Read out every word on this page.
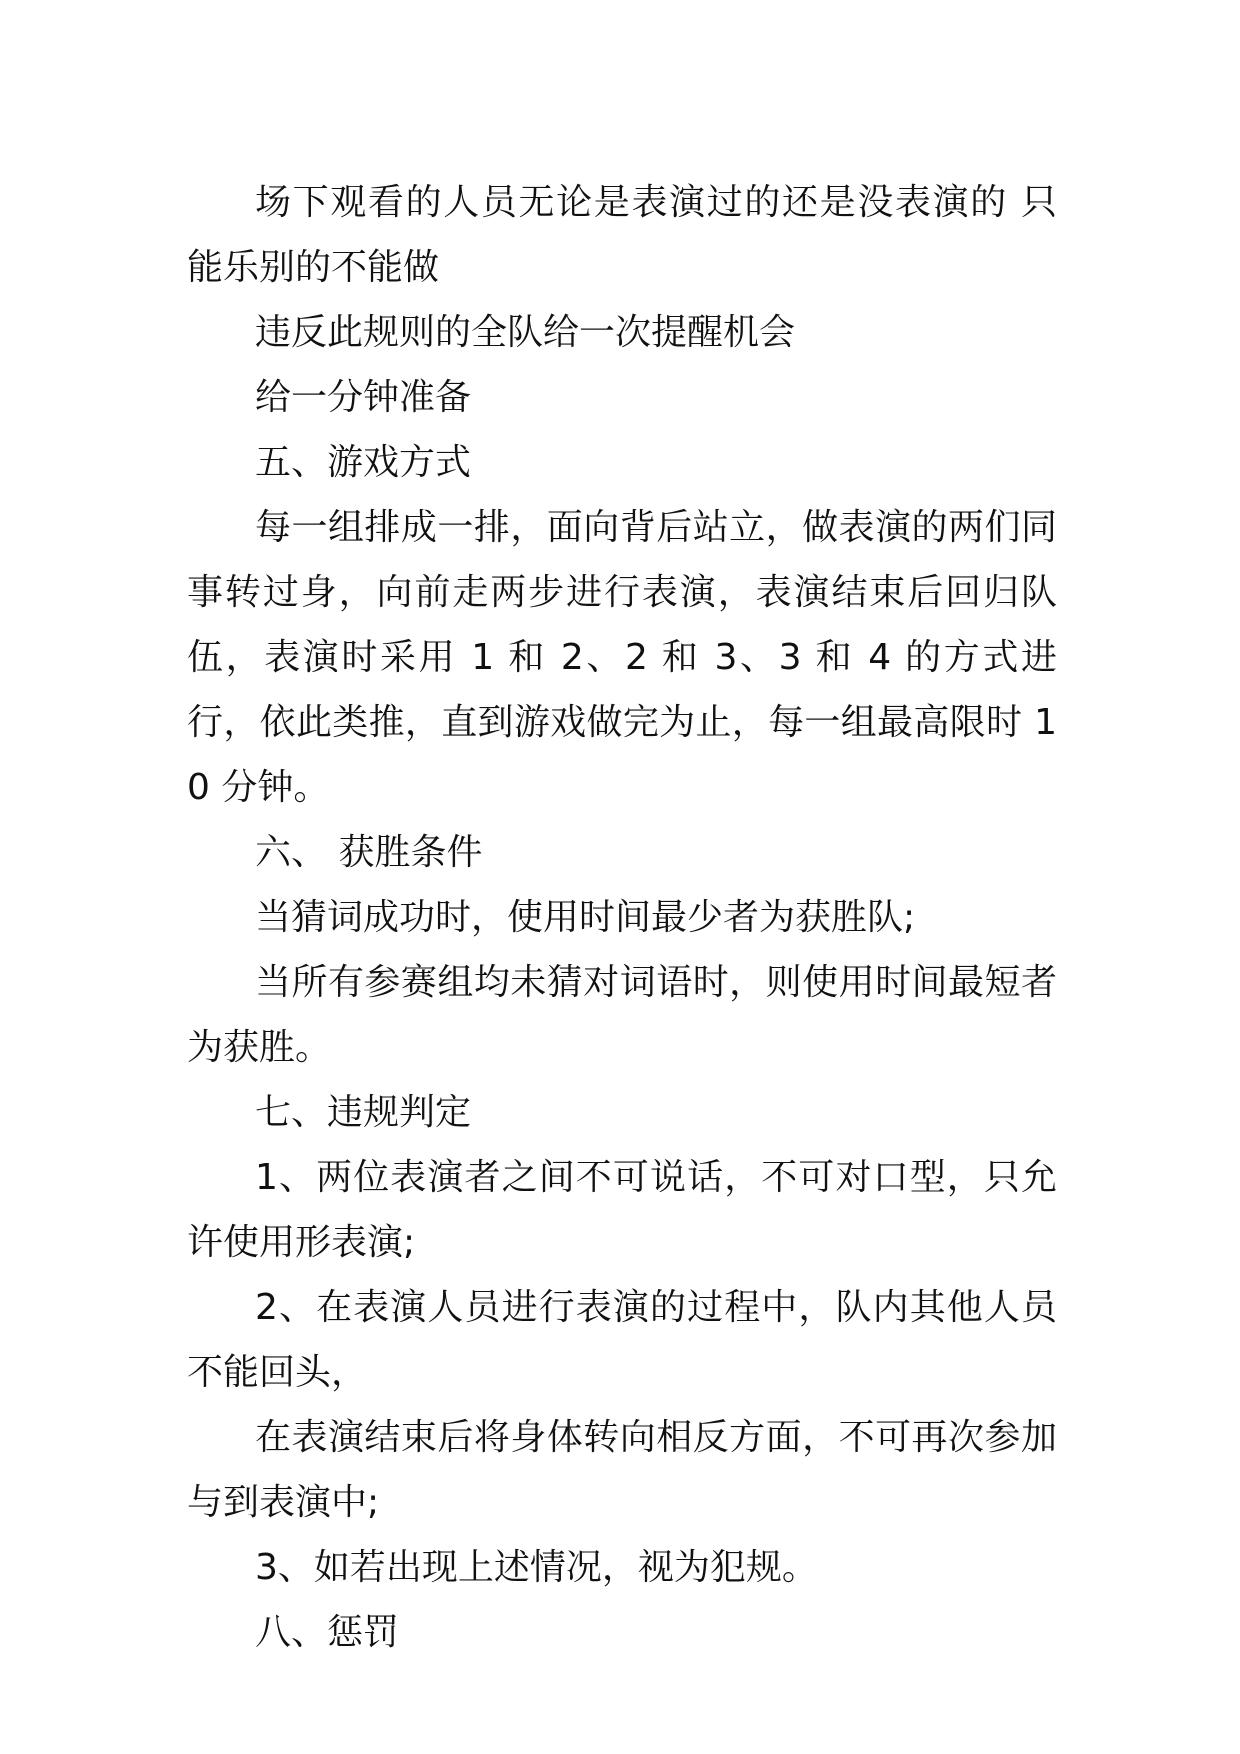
场下观看的人员无论是表演过的还是没表演的 只能乐别的不能做

违反此规则的全队给一次提醒机会

给一分钟准备

五、游戏方式

每一组排成一排，面向背后站立，做表演的两们同事转过身，向前走两步进行表演，表演结束后回归队伍，表演时采用 1 和 2、2 和 3、3 和 4 的方式进行，依此类推，直到游戏做完为止，每一组最高限时 10 分钟。

六、 获胜条件

当猜词成功时，使用时间最少者为获胜队;

当所有参赛组均未猜对词语时，则使用时间最短者为获胜。

七、违规判定

1、两位表演者之间不可说话，不可对口型，只允许使用形表演;

2、在表演人员进行表演的过程中，队内其他人员不能回头，

在表演结束后将身体转向相反方面，不可再次参加与到表演中;

3、如若出现上述情况，视为犯规。

八、惩罚
